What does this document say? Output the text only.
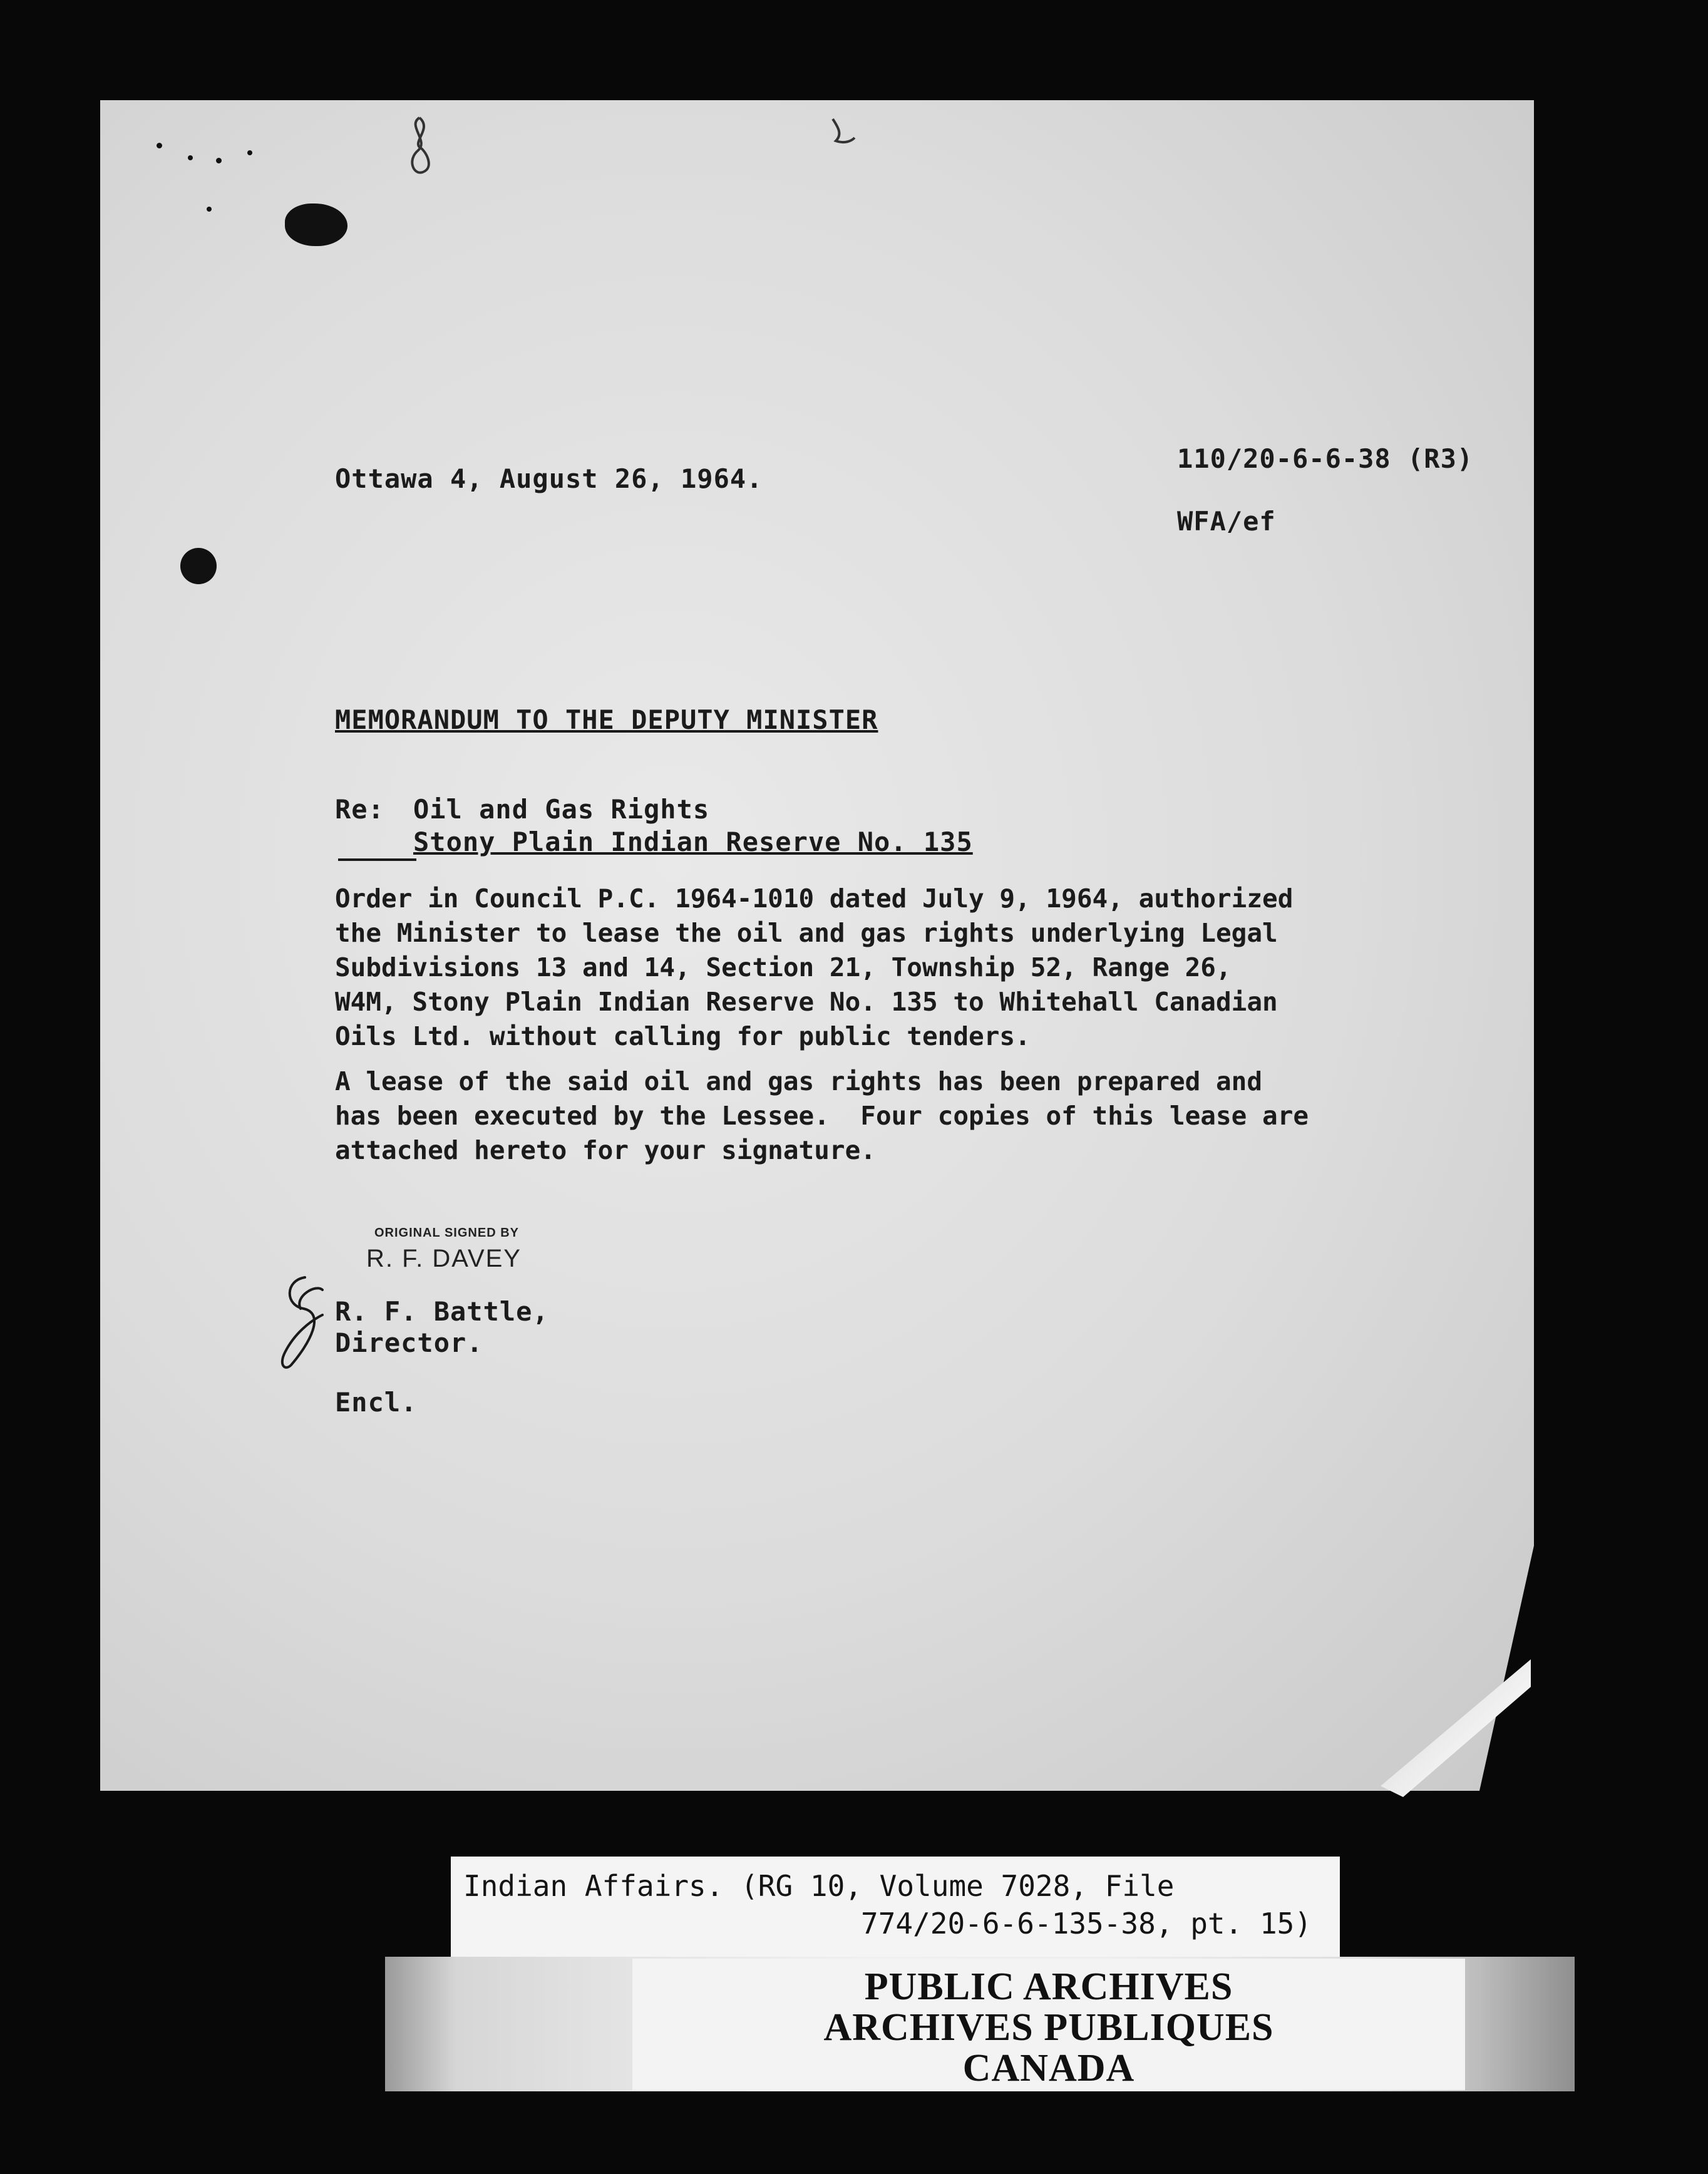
Ottawa 4, August 26, 1964.
110/20-6-6-38 (R3)
WFA/ef
MEMORANDUM TO THE DEPUTY MINISTER
Re: Oil and Gas Rights
Stony Plain Indian Reserve No. 135
Order in Council P.C. 1964-1010 dated July 9, 1964, authorized
the Minister to lease the oil and gas rights underlying Legal
Subdivisions 13 and 14, Section 21, Township 52, Range 26,
W4M, Stony Plain Indian Reserve No. 135 to Whitehall Canadian
Oils Ltd. without calling for public tenders.
A lease of the said oil and gas rights has been prepared and
has been executed by the Lessee.  Four copies of this lease are
attached hereto for your signature.
ORIGINAL SIGNED BY
R. F. DAVEY
R. F. Battle,
Director.
Encl.
Indian Affairs. (RG 10, Volume 7028, File
774/20-6-6-135-38, pt. 15)
PUBLIC ARCHIVES
ARCHIVES PUBLIQUES
CANADA
